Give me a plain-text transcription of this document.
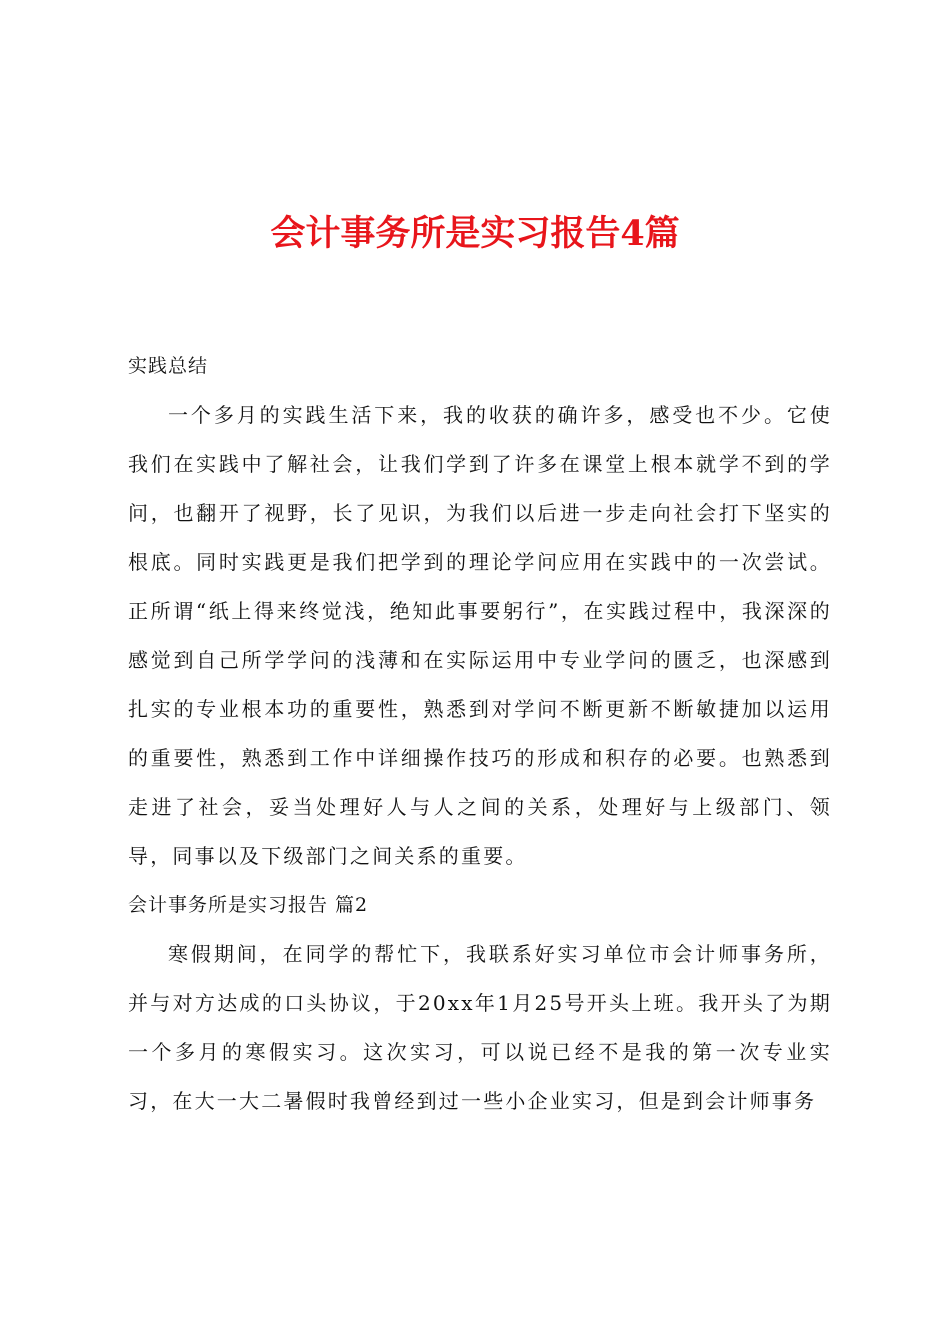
会计事务所是实习报告4篇

实践总结

一个多月的实践生活下来，我的收获的确许多，感受也不少。它使我们在实践中了解社会，让我们学到了许多在课堂上根本就学不到的学问，也翻开了视野，长了见识，为我们以后进一步走向社会打下坚实的根底。同时实践更是我们把学到的理论学问应用在实践中的一次尝试。正所谓“纸上得来终觉浅，绝知此事要躬行”，在实践过程中，我深深的感觉到自己所学学问的浅薄和在实际运用中专业学问的匮乏，也深感到扎实的专业根本功的重要性，熟悉到对学问不断更新不断敏捷加以运用的重要性，熟悉到工作中详细操作技巧的形成和积存的必要。也熟悉到走进了社会，妥当处理好人与人之间的关系，处理好与上级部门、领导，同事以及下级部门之间关系的重要。

会计事务所是实习报告 篇2

寒假期间，在同学的帮忙下，我联系好实习单位市会计师事务所，并与对方达成的口头协议，于20xx年1月25号开头上班。我开头了为期一个多月的寒假实习。这次实习，可以说已经不是我的第一次专业实习，在大一大二暑假时我曾经到过一些小企业实习，但是到会计师事务
